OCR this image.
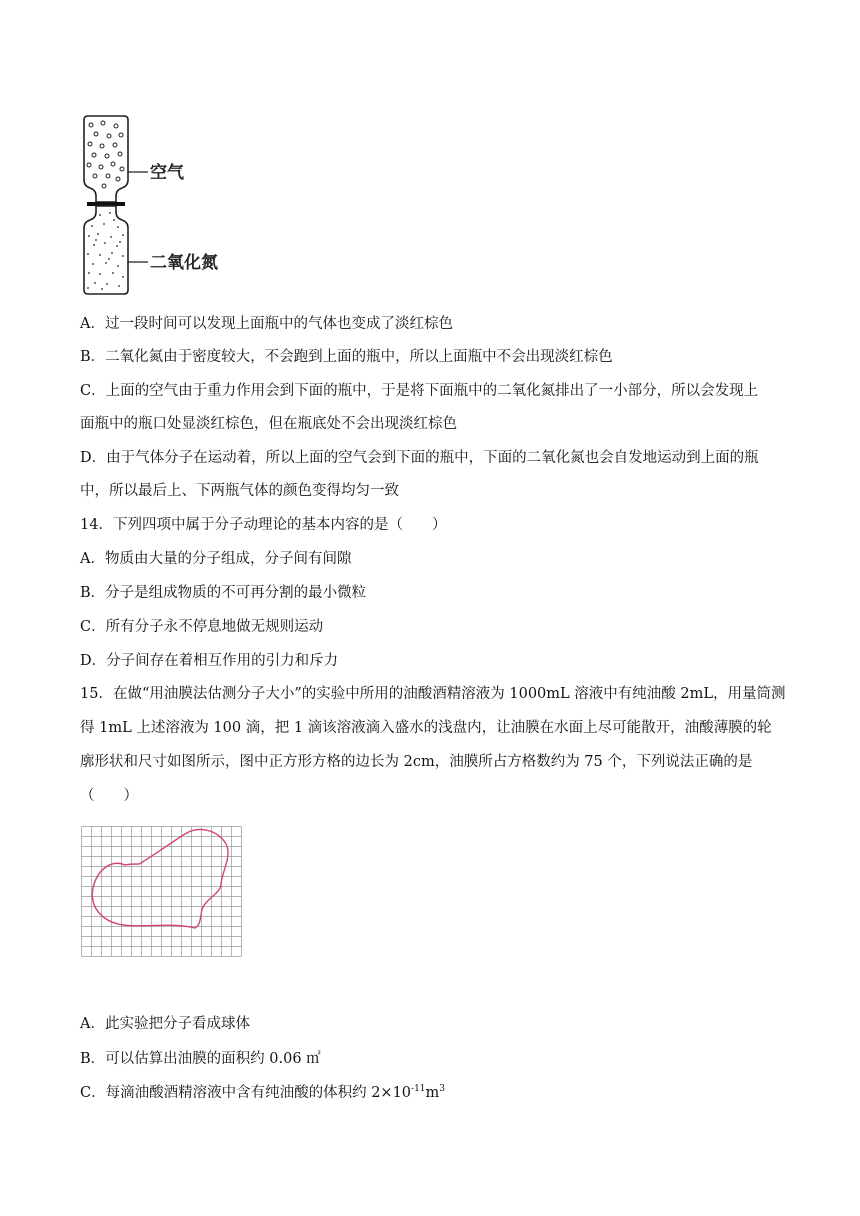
空气
二氧化氮
A．过一段时间可以发现上面瓶中的气体也变成了淡红棕色
B．二氧化氮由于密度较大，不会跑到上面的瓶中，所以上面瓶中不会出现淡红棕色
C．上面的空气由于重力作用会到下面的瓶中，于是将下面瓶中的二氧化氮排出了一小部分，所以会发现上
面瓶中的瓶口处显淡红棕色，但在瓶底处不会出现淡红棕色
D．由于气体分子在运动着，所以上面的空气会到下面的瓶中，下面的二氧化氮也会自发地运动到上面的瓶
中，所以最后上、下两瓶气体的颜色变得均匀一致
14．下列四项中属于分子动理论的基本内容的是（　　）
A．物质由大量的分子组成，分子间有间隙
B．分子是组成物质的不可再分割的最小微粒
C．所有分子永不停息地做无规则运动
D．分子间存在着相互作用的引力和斥力
15．在做“用油膜法估测分子大小”的实验中所用的油酸酒精溶液为 1000mL 溶液中有纯油酸 2mL，用量筒测
得 1mL 上述溶液为 100 滴，把 1 滴该溶液滴入盛水的浅盘内，让油膜在水面上尽可能散开，油酸薄膜的轮
廓形状和尺寸如图所示，图中正方形方格的边长为 2cm，油膜所占方格数约为 75 个，下列说法正确的是
（　　）
A．此实验把分子看成球体
B．可以估算出油膜的面积约 0.06 ㎡
C．每滴油酸酒精溶液中含有纯油酸的体积约 $2\times 10^{-11}m^3$
